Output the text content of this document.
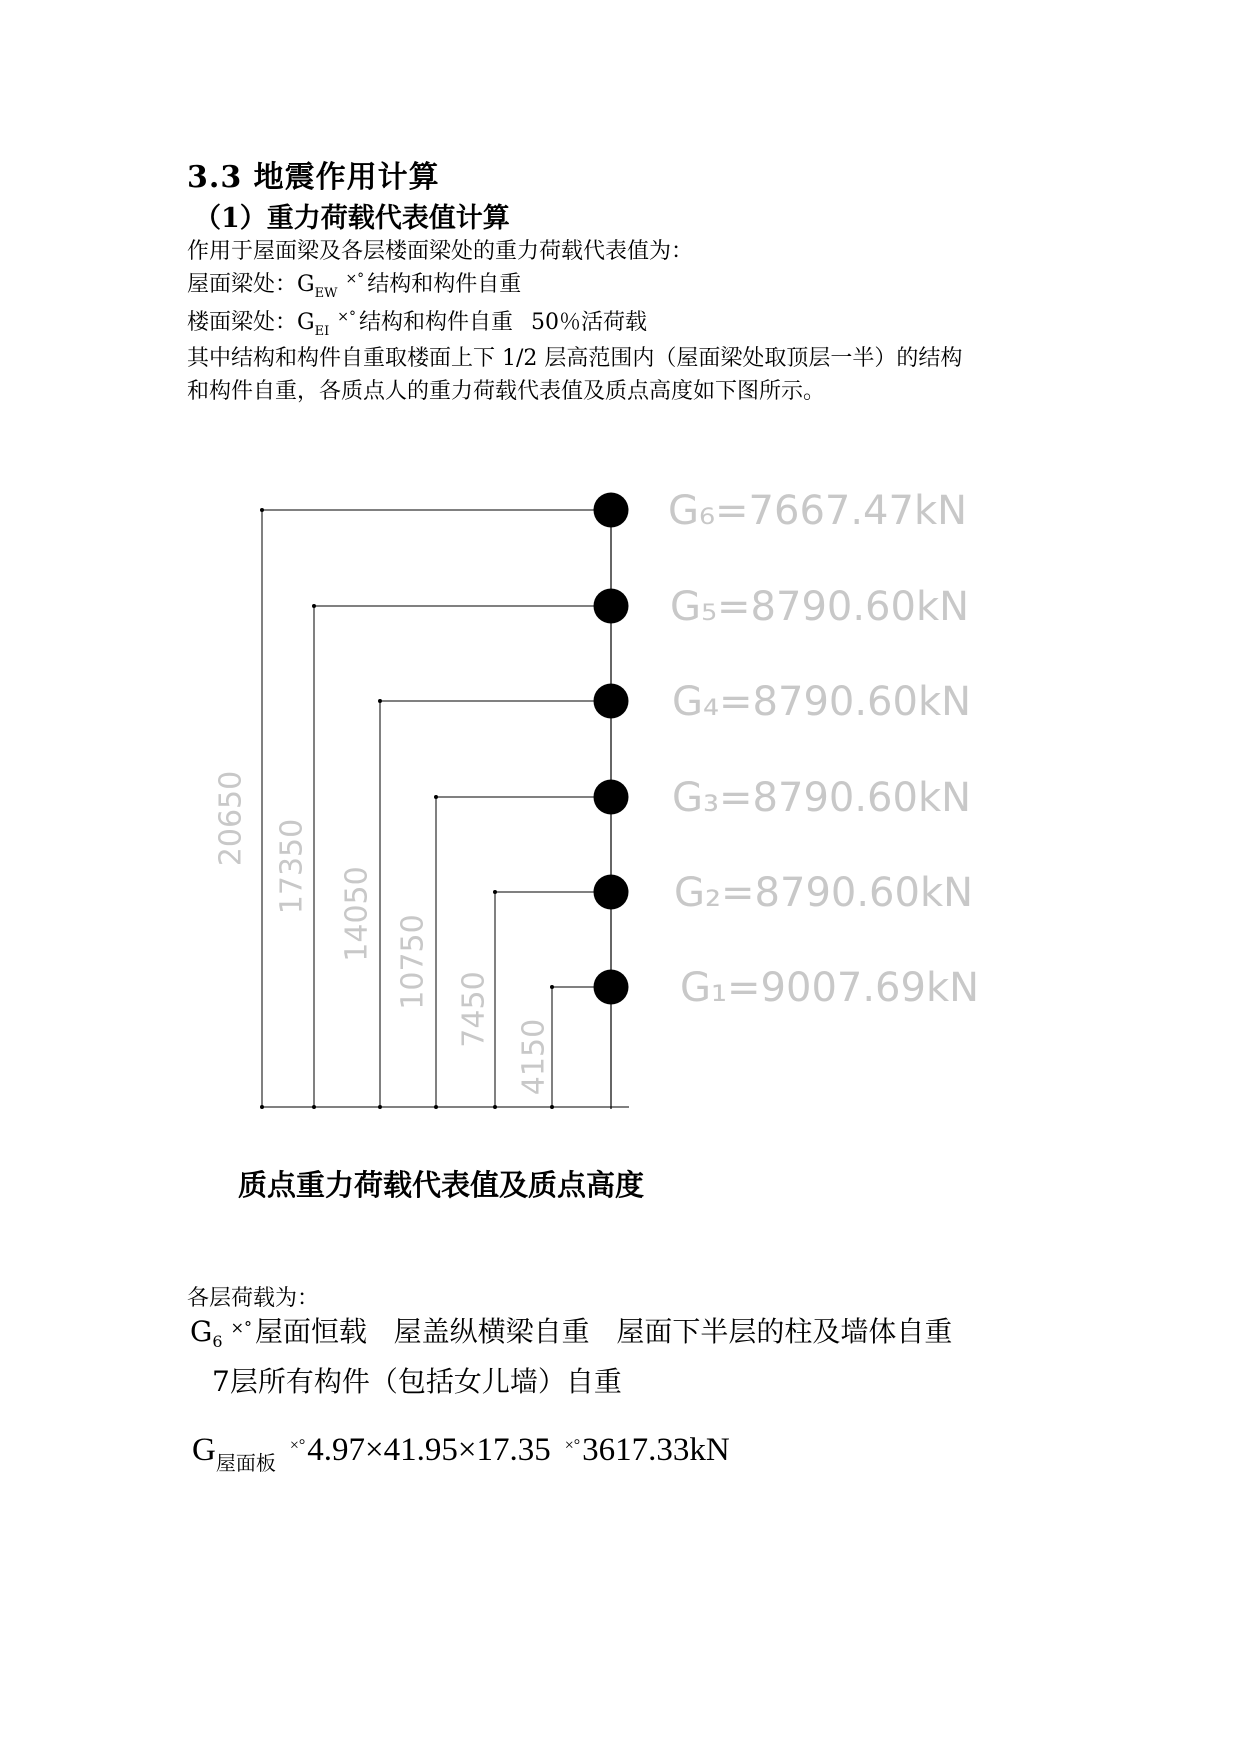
3.3 地震作用计算
（1）重力荷载代表值计算
作用于屋面梁及各层楼面梁处的重力荷载代表值为：
屋面梁处：$G_{EW}^{\times^\circ}$ 结构和构件自重
楼面梁处：$G_{EI}^{\times^\circ}$ 结构和构件自重 50％活荷载
其中结构和构件自重取楼面上下 1/2 层高范围内（屋面梁处取顶层一半）的结构
和构件自重，各质点人的重力荷载代表值及质点高度如下图所示。
20650
G₆=7667.47kN
17350
G₅=8790.60kN
14050
G₄=8790.60kN
10750
G₃=8790.60kN
7450
G₂=8790.60kN
4150
G₁=9007.69kN
质点重力荷载代表值及质点高度
各层荷载为：
$G_6^{\times^\circ}$ 屋面恒载   屋盖纵横梁自重   屋面下半层的柱及墙体自重
7层所有构件（包括女儿墙）自重
$G_{屋面板}^{\times^\circ}4.97\times 41.95\times 17.35$ ×°3617.33kN
